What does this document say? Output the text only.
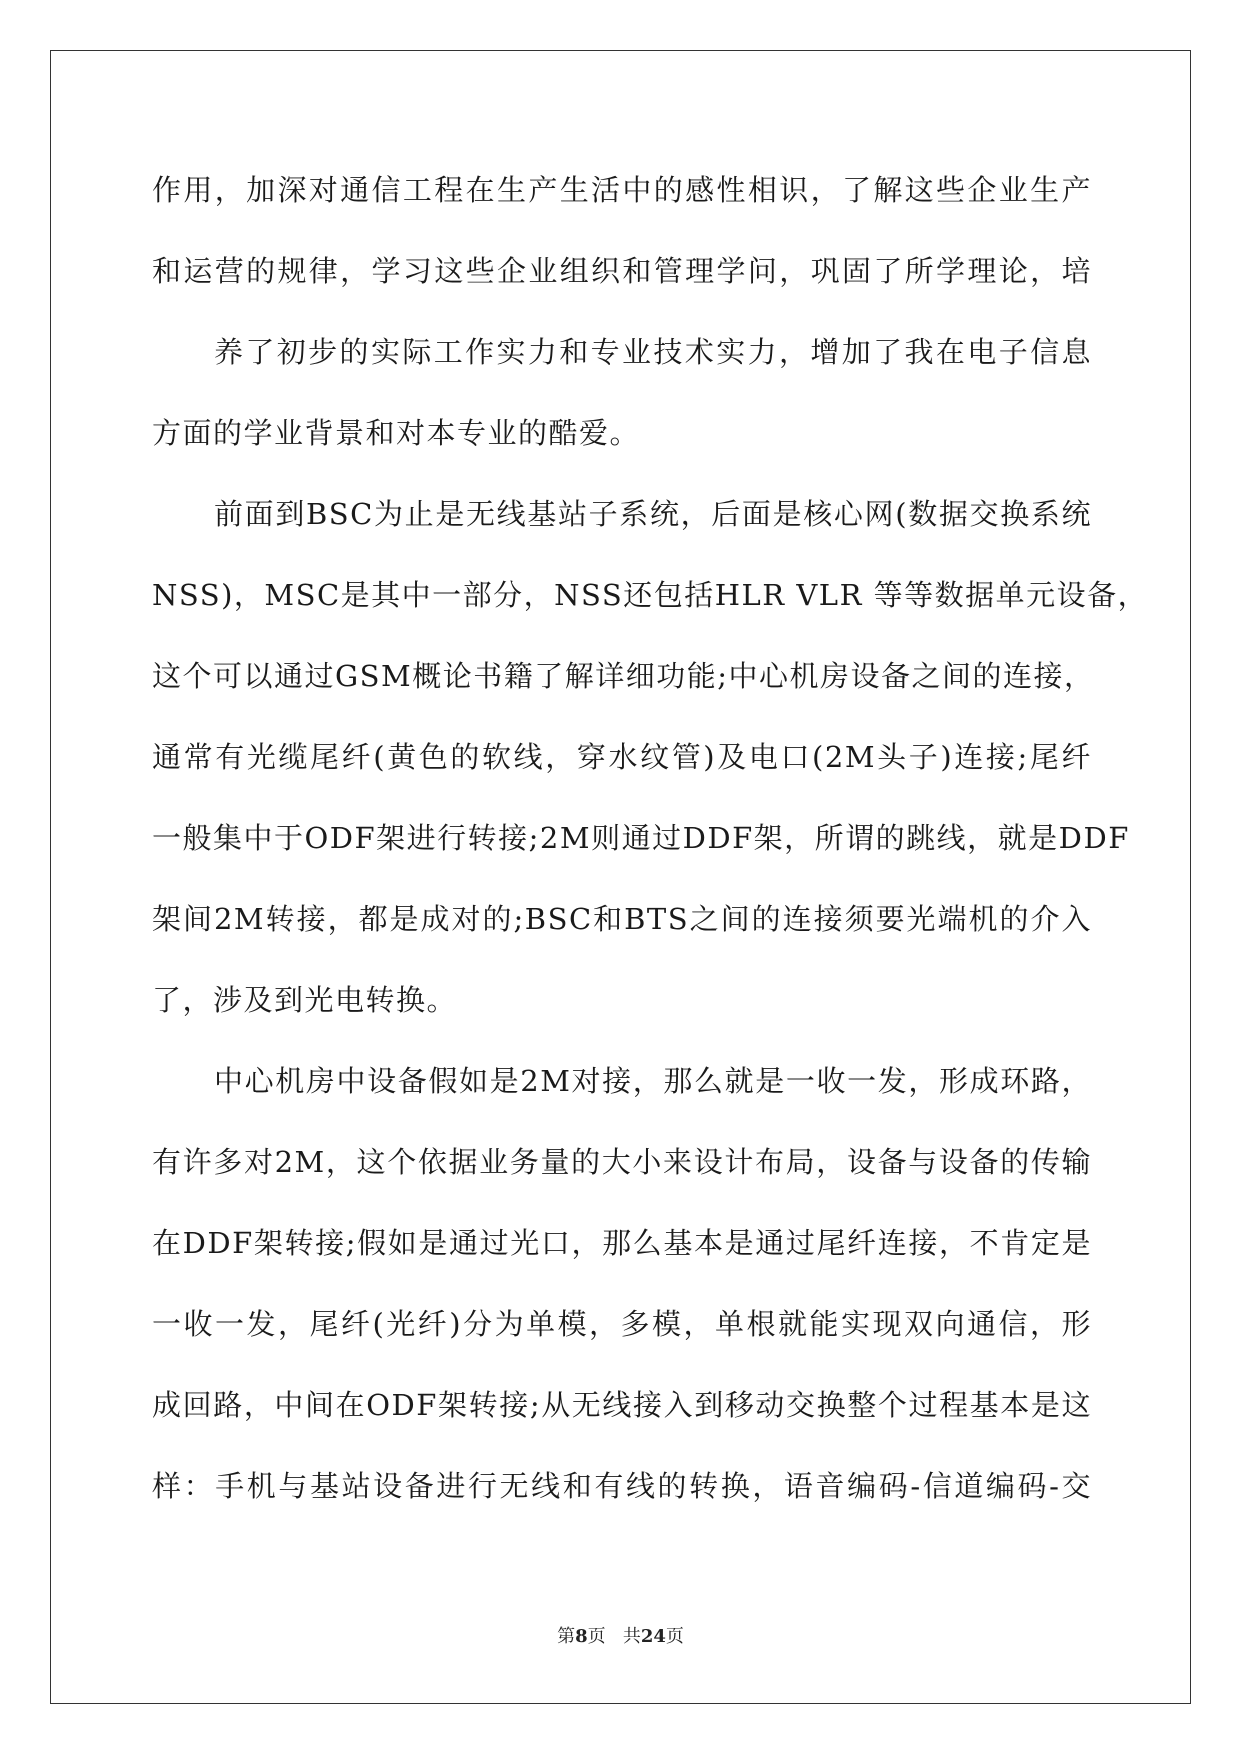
作用，加深对通信工程在生产生活中的感性相识，了解这些企业生产
和运营的规律，学习这些企业组织和管理学问，巩固了所学理论，培
养了初步的实际工作实力和专业技术实力，增加了我在电子信息
方面的学业背景和对本专业的酷爱。
前面到BSC为止是无线基站子系统，后面是核心网(数据交换系统
NSS)，MSC是其中一部分，NSS还包括HLR VLR 等等数据单元设备，
这个可以通过GSM概论书籍了解详细功能;中心机房设备之间的连接，
通常有光缆尾纤(黄色的软线，穿水纹管)及电口(2M头子)连接;尾纤
一般集中于ODF架进行转接;2M则通过DDF架，所谓的跳线，就是DDF
架间2M转接，都是成对的;BSC和BTS之间的连接须要光端机的介入
了，涉及到光电转换。
中心机房中设备假如是2M对接，那么就是一收一发，形成环路，
有许多对2M，这个依据业务量的大小来设计布局，设备与设备的传输
在DDF架转接;假如是通过光口，那么基本是通过尾纤连接，不肯定是
一收一发，尾纤(光纤)分为单模，多模，单根就能实现双向通信，形
成回路，中间在ODF架转接;从无线接入到移动交换整个过程基本是这
样：手机与基站设备进行无线和有线的转换，语音编码-信道编码-交
第8页 共24页
